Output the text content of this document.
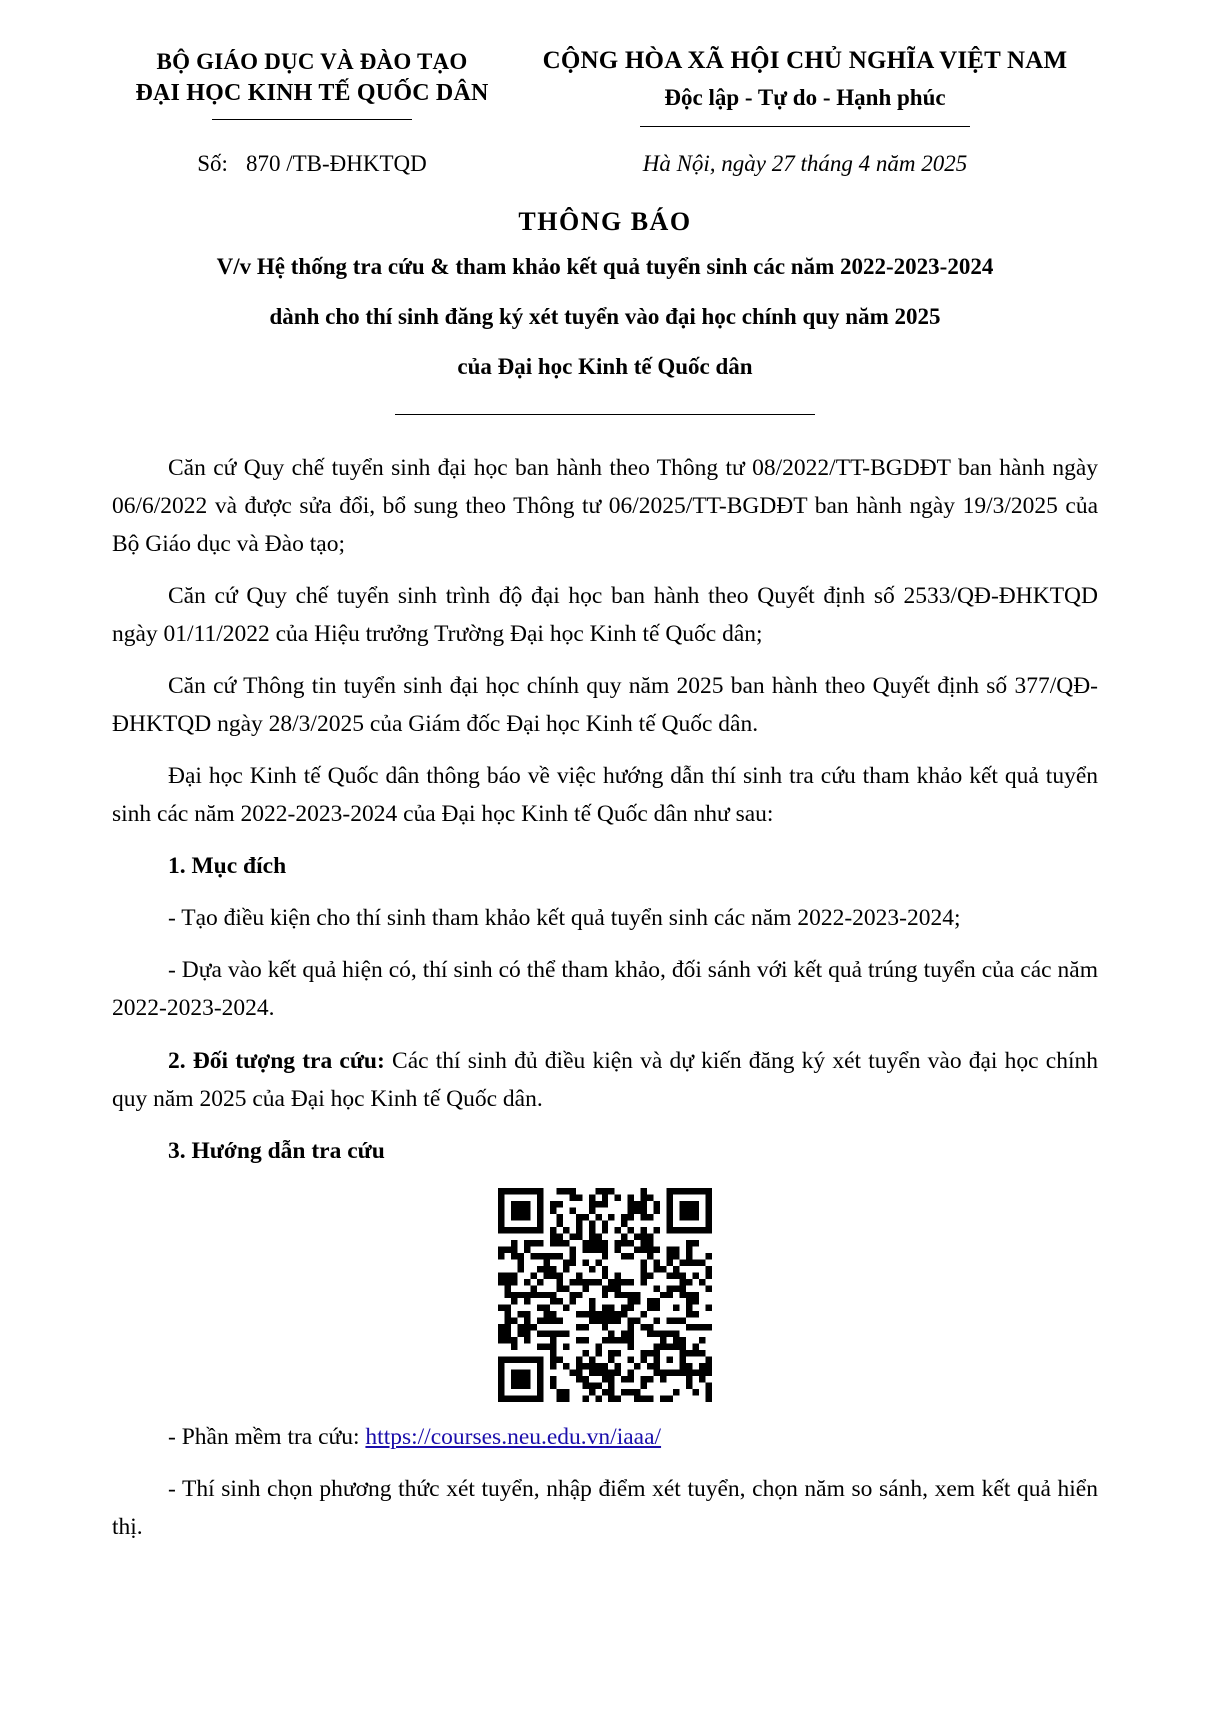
BỘ GIÁO DỤC VÀ ĐÀO TẠO
ĐẠI HỌC KINH TẾ QUỐC DÂN
CỘNG HÒA XÃ HỘI CHỦ NGHĨA VIỆT NAM
Độc lập - Tự do - Hạnh phúc
Số: 870 /TB-ĐHKTQD	Hà Nội, ngày 27 tháng 4 năm 2025
THÔNG BÁO
V/v Hệ thống tra cứu & tham khảo kết quả tuyển sinh các năm 2022-2023-2024
dành cho thí sinh đăng ký xét tuyển vào đại học chính quy năm 2025
của Đại học Kinh tế Quốc dân

Căn cứ Quy chế tuyển sinh đại học ban hành theo Thông tư 08/2022/TT-BGDĐT ban hành ngày 06/6/2022 và được sửa đổi, bổ sung theo Thông tư 06/2025/TT-BGDĐT ban hành ngày 19/3/2025 của Bộ Giáo dục và Đào tạo;

Căn cứ Quy chế tuyển sinh trình độ đại học ban hành theo Quyết định số 2533/QĐ-ĐHKTQD ngày 01/11/2022 của Hiệu trưởng Trường Đại học Kinh tế Quốc dân;

Căn cứ Thông tin tuyển sinh đại học chính quy năm 2025 ban hành theo Quyết định số 377/QĐ-ĐHKTQD ngày 28/3/2025 của Giám đốc Đại học Kinh tế Quốc dân.

Đại học Kinh tế Quốc dân thông báo về việc hướng dẫn thí sinh tra cứu tham khảo kết quả tuyển sinh các năm 2022-2023-2024 của Đại học Kinh tế Quốc dân như sau:

1. Mục đích

- Tạo điều kiện cho thí sinh tham khảo kết quả tuyển sinh các năm 2022-2023-2024;

- Dựa vào kết quả hiện có, thí sinh có thể tham khảo, đối sánh với kết quả trúng tuyển của các năm 2022-2023-2024.

2. Đối tượng tra cứu: Các thí sinh đủ điều kiện và dự kiến đăng ký xét tuyển vào đại học chính quy năm 2025 của Đại học Kinh tế Quốc dân.

3. Hướng dẫn tra cứu

- Phần mềm tra cứu: https://courses.neu.edu.vn/iaaa/

- Thí sinh chọn phương thức xét tuyển, nhập điểm xét tuyển, chọn năm so sánh, xem kết quả hiển thị.
